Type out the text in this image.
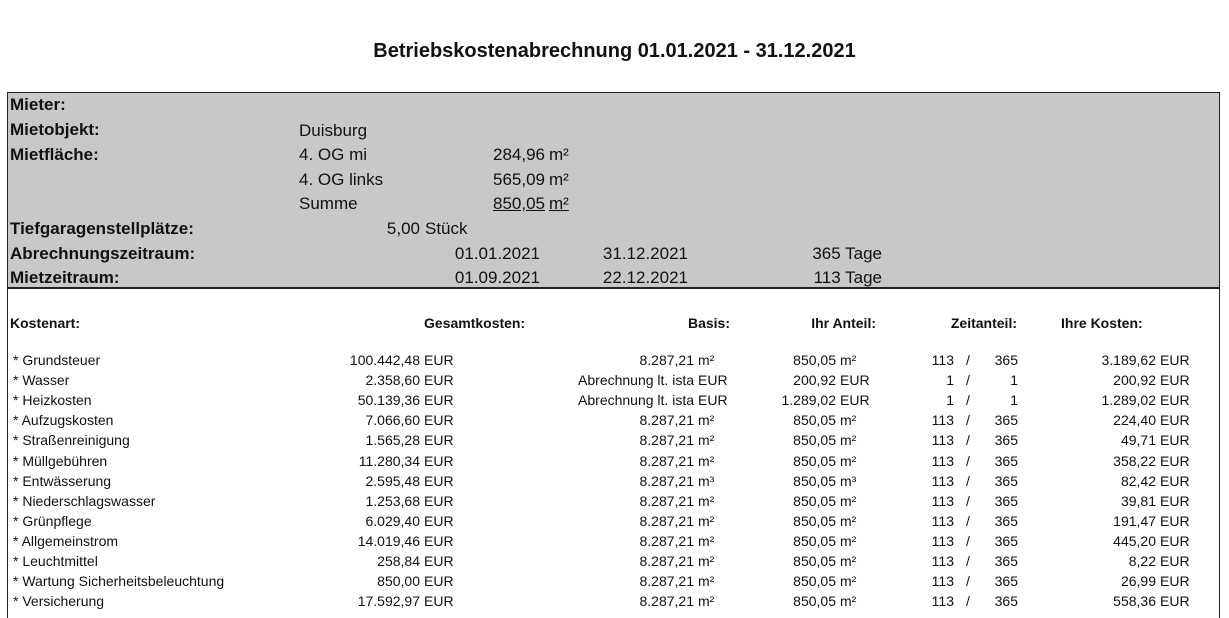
Betriebskostenabrechnung 01.01.2021 - 31.12.2021
Mieter:
Mietobjekt:	Duisburg
Mietfläche:	4. OG mi	284,96 m²
4. OG links	565,09 m²
Summe	850,05 m²
Tiefgaragenstellplätze:	5,00 Stück
Abrechnungszeitraum:	01.01.2021	31.12.2021	365 Tage
Mietzeitraum:	01.09.2021	22.12.2021	113 Tage
Kostenart:	Gesamtkosten:	Basis:	Ihr Anteil:	Zeitanteil:	Ihre Kosten:
* Grundsteuer	100.442,48 EUR	8.287,21 m²	850,05 m²	113 /	365	3.189,62 EUR
* Wasser	2.358,60 EUR	Abrechnung lt. ista EUR	200,92 EUR	1 /	1	200,92 EUR
* Heizkosten	50.139,36 EUR	Abrechnung lt. ista EUR	1.289,02 EUR	1 /	1	1.289,02 EUR
* Aufzugskosten	7.066,60 EUR	8.287,21 m²	850,05 m²	113 /	365	224,40 EUR
* Straßenreinigung	1.565,28 EUR	8.287,21 m²	850,05 m²	113 /	365	49,71 EUR
* Müllgebühren	11.280,34 EUR	8.287,21 m²	850,05 m²	113 /	365	358,22 EUR
* Entwässerung	2.595,48 EUR	8.287,21 m³	850,05 m³	113 /	365	82,42 EUR
* Niederschlagswasser	1.253,68 EUR	8.287,21 m²	850,05 m²	113 /	365	39,81 EUR
* Grünpflege	6.029,40 EUR	8.287,21 m²	850,05 m²	113 /	365	191,47 EUR
* Allgemeinstrom	14.019,46 EUR	8.287,21 m²	850,05 m²	113 /	365	445,20 EUR
* Leuchtmittel	258,84 EUR	8.287,21 m²	850,05 m²	113 /	365	8,22 EUR
* Wartung Sicherheitsbeleuchtung	850,00 EUR	8.287,21 m²	850,05 m²	113 /	365	26,99 EUR
* Versicherung	17.592,97 EUR	8.287,21 m²	850,05 m²	113 /	365	558,36 EUR
